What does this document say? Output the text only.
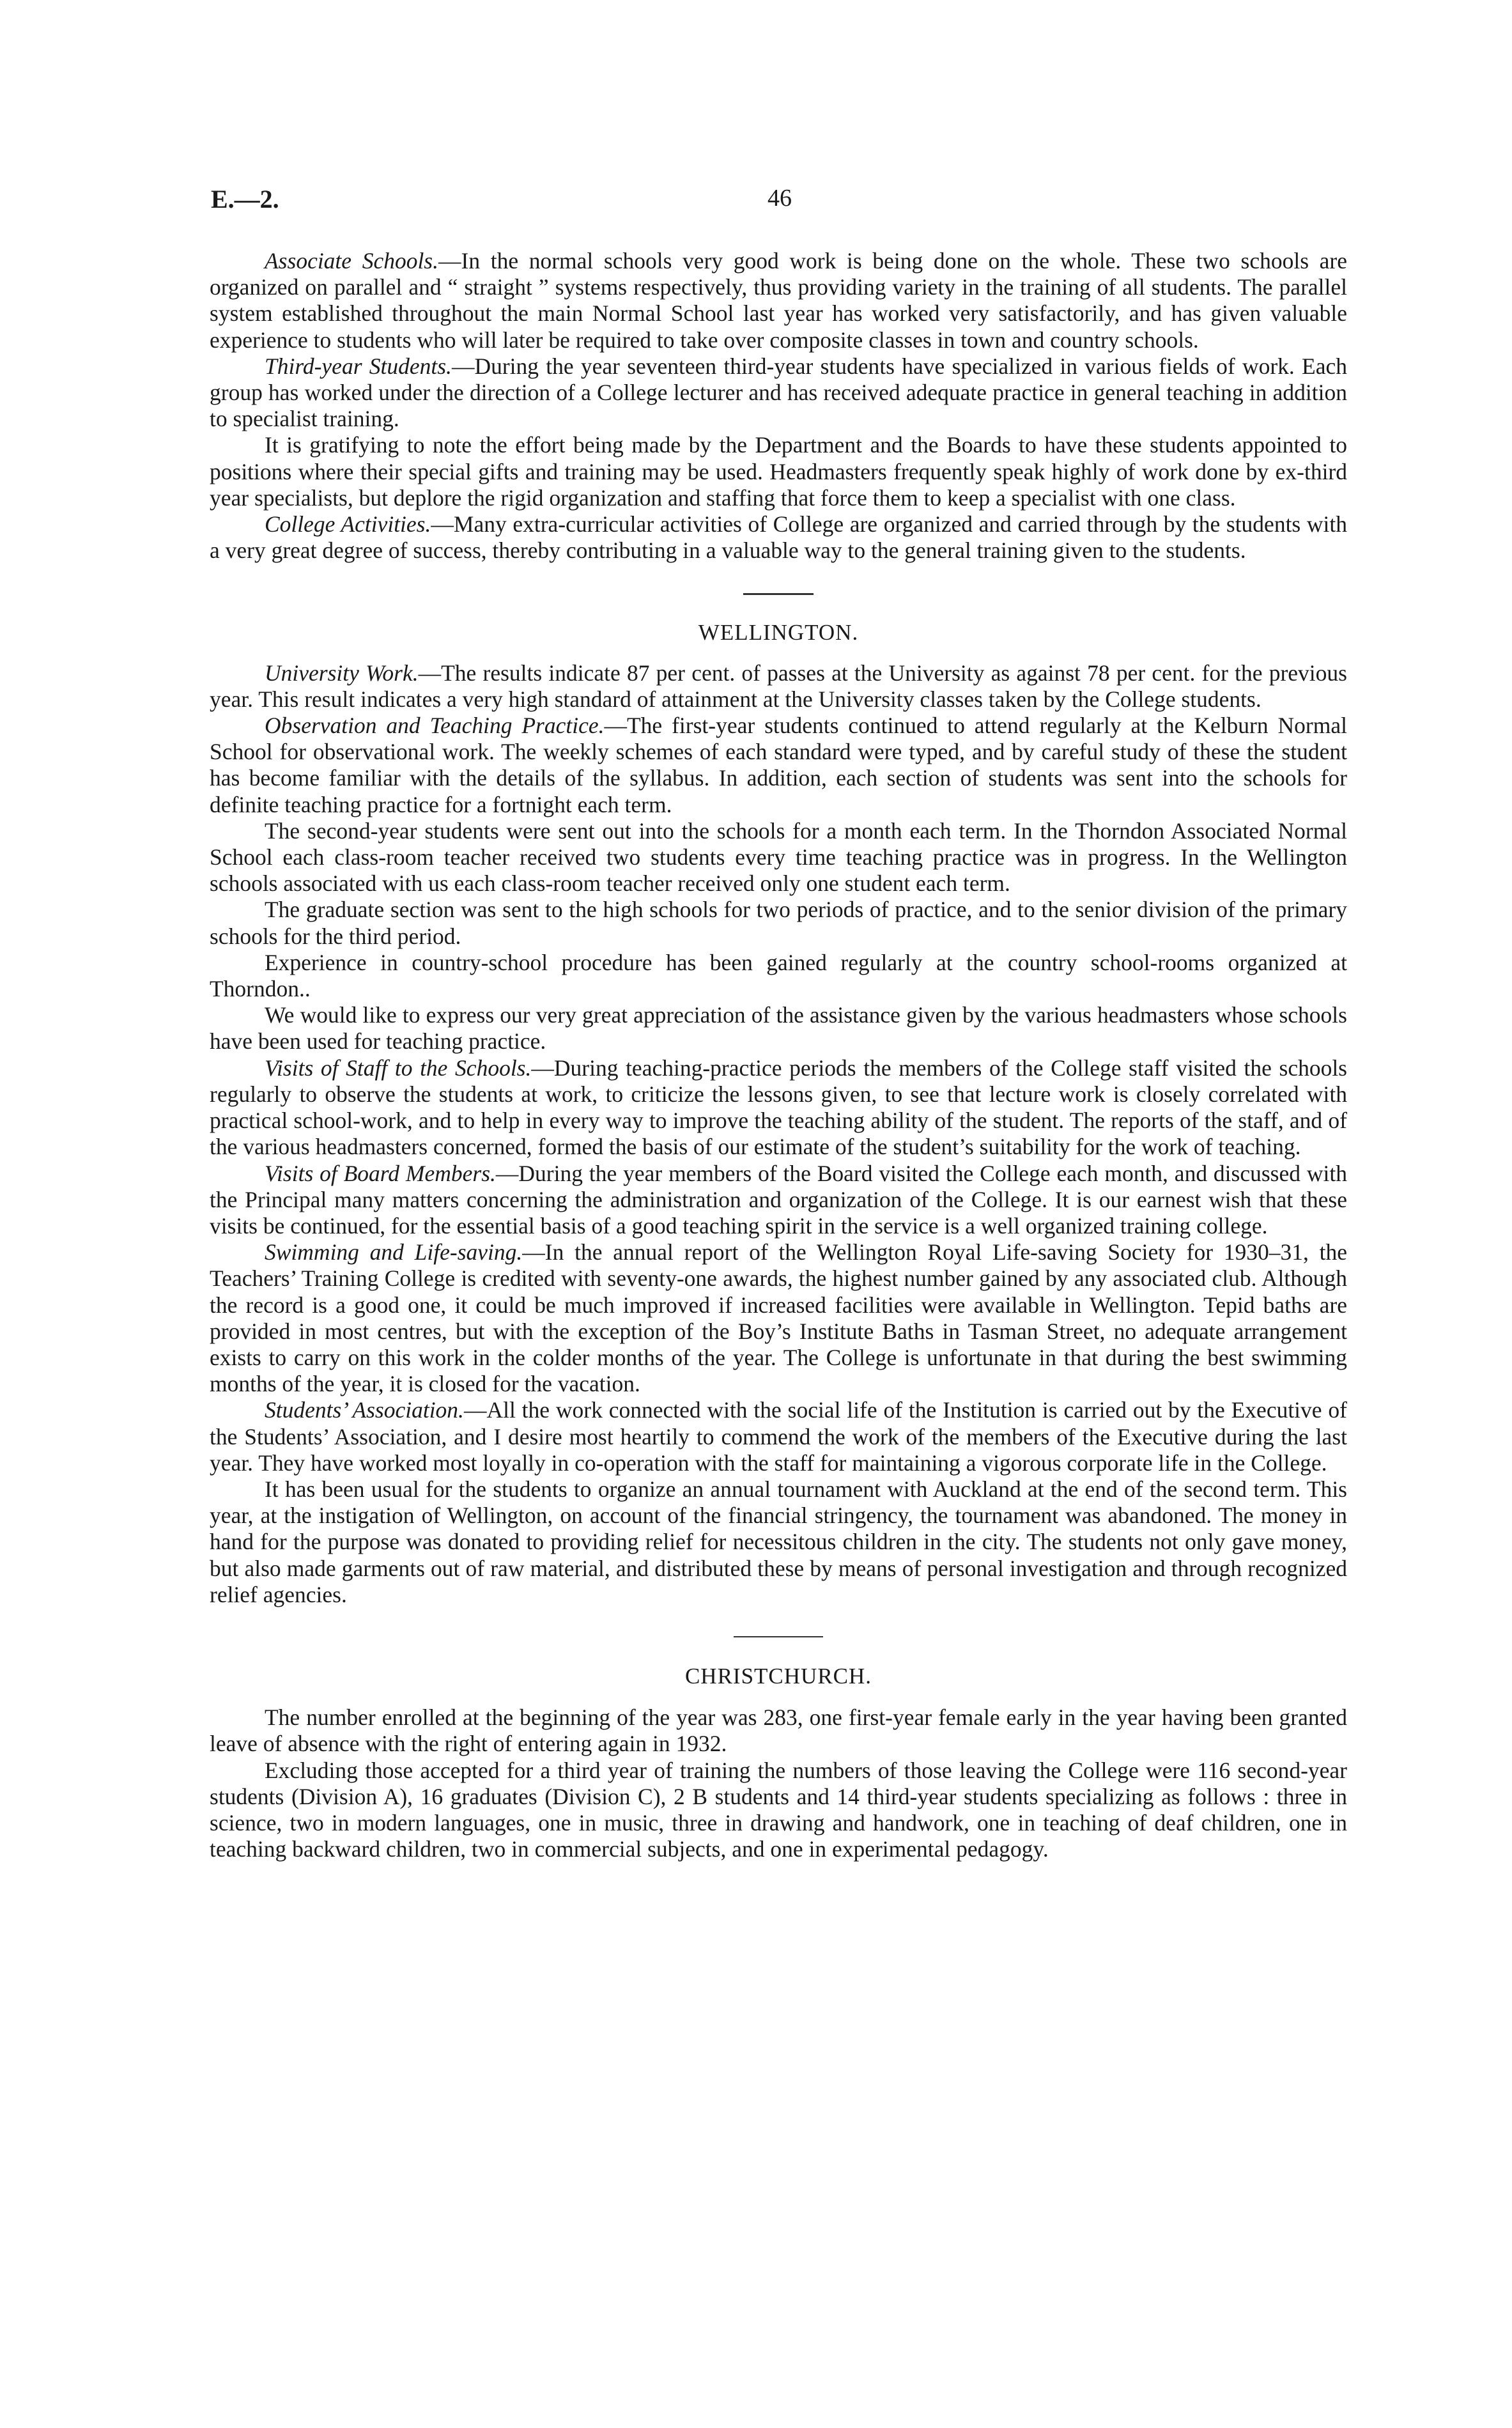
E.—2.	46

Associate Schools.—In the normal schools very good work is being done on the whole. These two schools are organized on parallel and “ straight ” systems respectively, thus providing variety in the training of all students. The parallel system established throughout the main Normal School last year has worked very satisfactorily, and has given valuable experience to students who will later be required to take over composite classes in town and country schools.

Third-year Students.—During the year seventeen third-year students have specialized in various fields of work. Each group has worked under the direction of a College lecturer and has received adequate practice in general teaching in addition to specialist training.

It is gratifying to note the effort being made by the Department and the Boards to have these students appointed to positions where their special gifts and training may be used. Headmasters frequently speak highly of work done by ex-third year specialists, but deplore the rigid organization and staffing that force them to keep a specialist with one class.

College Activities.—Many extra-curricular activities of College are organized and carried through by the students with a very great degree of success, thereby contributing in a valuable way to the general training given to the students.

WELLINGTON.

University Work.—The results indicate 87 per cent. of passes at the University as against 78 per cent. for the previous year. This result indicates a very high standard of attainment at the University classes taken by the College students.

Observation and Teaching Practice.—The first-year students continued to attend regularly at the Kelburn Normal School for observational work. The weekly schemes of each standard were typed, and by careful study of these the student has become familiar with the details of the syllabus. In addition, each section of students was sent into the schools for definite teaching practice for a fortnight each term.

The second-year students were sent out into the schools for a month each term. In the Thorndon Associated Normal School each class-room teacher received two students every time teaching practice was in progress. In the Wellington schools associated with us each class-room teacher received only one student each term.

The graduate section was sent to the high schools for two periods of practice, and to the senior division of the primary schools for the third period.

Experience in country-school procedure has been gained regularly at the country school-rooms organized at Thorndon..

We would like to express our very great appreciation of the assistance given by the various headmasters whose schools have been used for teaching practice.

Visits of Staff to the Schools.—During teaching-practice periods the members of the College staff visited the schools regularly to observe the students at work, to criticize the lessons given, to see that lecture work is closely correlated with practical school-work, and to help in every way to improve the teaching ability of the student. The reports of the staff, and of the various headmasters concerned, formed the basis of our estimate of the student’s suitability for the work of teaching.

Visits of Board Members.—During the year members of the Board visited the College each month, and discussed with the Principal many matters concerning the administration and organization of the College. It is our earnest wish that these visits be continued, for the essential basis of a good teaching spirit in the service is a well organized training college.

Swimming and Life-saving.—In the annual report of the Wellington Royal Life-saving Society for 1930–31, the Teachers’ Training College is credited with seventy-one awards, the highest number gained by any associated club. Although the record is a good one, it could be much improved if increased facilities were available in Wellington. Tepid baths are provided in most centres, but with the exception of the Boy’s Institute Baths in Tasman Street, no adequate arrangement exists to carry on this work in the colder months of the year. The College is unfortunate in that during the best swimming months of the year, it is closed for the vacation.

Students’ Association.—All the work connected with the social life of the Institution is carried out by the Executive of the Students’ Association, and I desire most heartily to commend the work of the members of the Executive during the last year. They have worked most loyally in co-operation with the staff for maintaining a vigorous corporate life in the College.

It has been usual for the students to organize an annual tournament with Auckland at the end of the second term. This year, at the instigation of Wellington, on account of the financial stringency, the tournament was abandoned. The money in hand for the purpose was donated to providing relief for necessitous children in the city. The students not only gave money, but also made garments out of raw material, and distributed these by means of personal investigation and through recognized relief agencies.

CHRISTCHURCH.

The number enrolled at the beginning of the year was 283, one first-year female early in the year having been granted leave of absence with the right of entering again in 1932.

Excluding those accepted for a third year of training the numbers of those leaving the College were 116 second-year students (Division A), 16 graduates (Division C), 2 B students and 14 third-year students specializing as follows : three in science, two in modern languages, one in music, three in drawing and handwork, one in teaching of deaf children, one in teaching backward children, two in commercial subjects, and one in experimental pedagogy.
